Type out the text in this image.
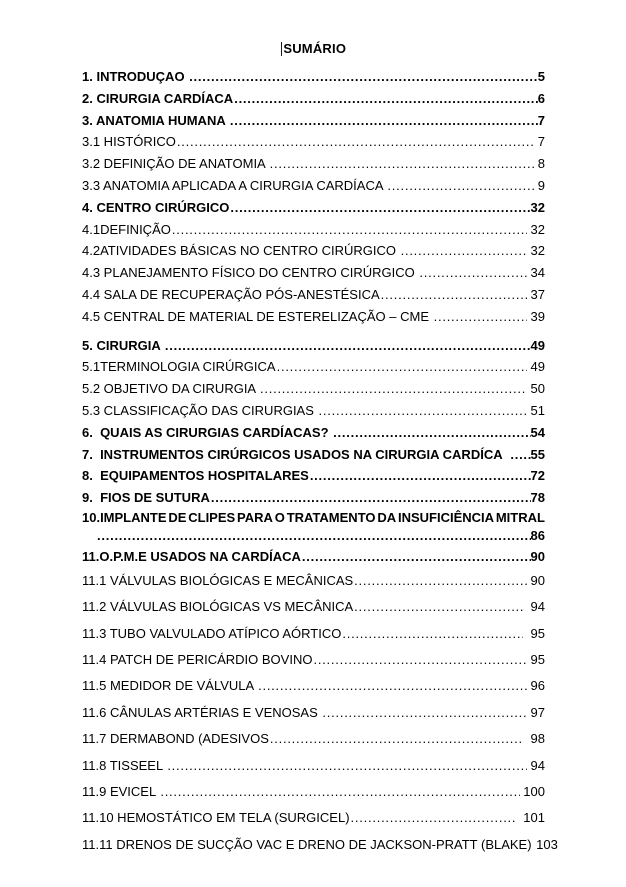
SUMÁRIO
1. INTRODUÇAO .....	5
2. CIRURGIA CARDÍACA .....	6
3. ANATOMIA HUMANA .....	7
3.1 HISTÓRICO .....	7
3.2 DEFINIÇÃO DE ANATOMIA .....	8
3.3 ANATOMIA APLICADA A CIRURGIA CARDÍACA .....	9
4. CENTRO CIRÚRGICO .....	32
4.1DEFINIÇÃO .....	32
4.2ATIVIDADES BÁSICAS NO CENTRO CIRÚRGICO .....	32
4.3 PLANEJAMENTO FÍSICO DO CENTRO CIRÚRGICO .....	34
4.4 SALA DE RECUPERAÇÃO PÓS-ANESTÉSICA .....	37
4.5 CENTRAL DE MATERIAL DE ESTERELIZAÇÃO – CME .....	39
5. CIRURGIA .....	49
5.1TERMINOLOGIA CIRÚRGICA .....	49
5.2 OBJETIVO DA CIRURGIA .....	50
5.3 CLASSIFICAÇÃO DAS CIRURGIAS .....	51
6.  QUAIS AS CIRURGIAS CARDÍACAS? .....	54
7.  INSTRUMENTOS CIRÚRGICOS USADOS NA CIRURGIA CARDÍCA ..... 55
8.  EQUIPAMENTOS HOSPITALARES .....	72
9.  FIOS DE SUTURA .....	78
10.IMPLANTE DE CLIPES PARA O TRATAMENTO DA INSUFICIÊNCIA MITRAL
.....
86
11.O.P.M.E USADOS NA CARDÍACA .....	90
11.1 VÁLVULAS BIOLÓGICAS E MECÂNICAS .....	90
11.2 VÁLVULAS BIOLÓGICAS VS MECÂNICA .....	94
11.3 TUBO VALVULADO ATÍPICO AÓRTICO .....	95
11.4 PATCH DE PERICÁRDIO BOVINO .....	95
11.5 MEDIDOR DE VÁLVULA .....	96
11.6 CÂNULAS ARTÉRIAS E VENOSAS .....	97
11.7 DERMABOND (ADESIVOS .....	98
11.8 TISSEEL .....	94
11.9 EVICEL .....	100
11.10 HEMOSTÁTICO EM TELA (SURGICEL) .....	101
11.11 DRENOS DE SUCÇÃO VAC E DRENO DE JACKSON-PRATT (BLAKE) ..... 103
